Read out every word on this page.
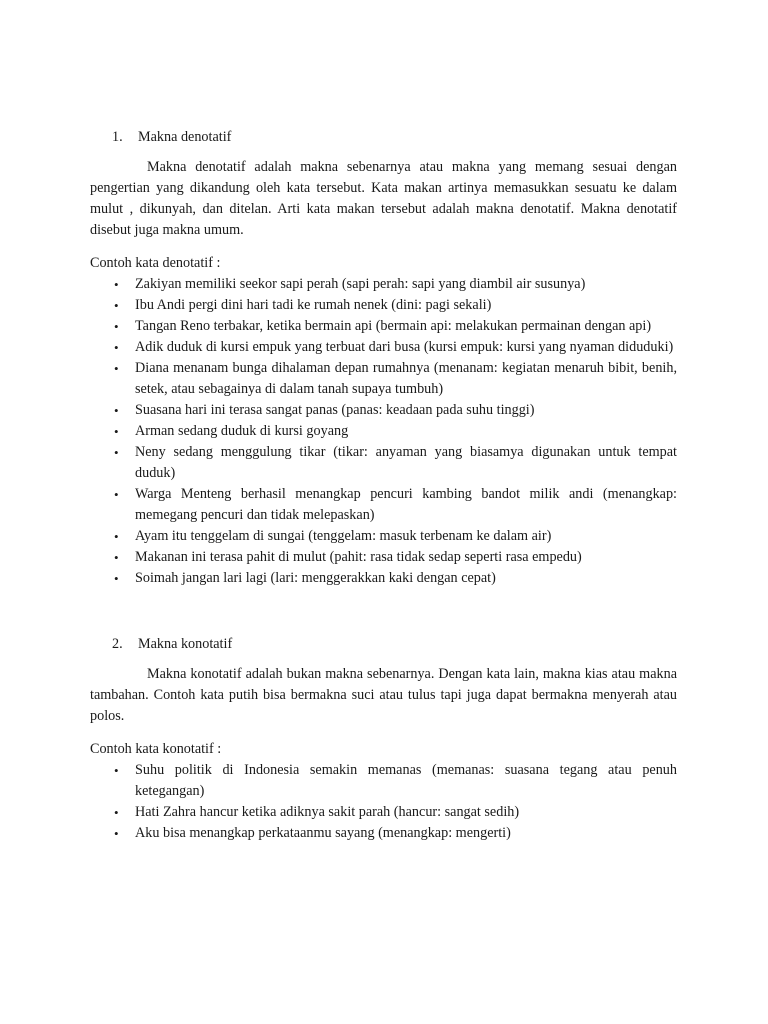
1. Makna denotatif

Makna denotatif adalah makna sebenarnya atau makna yang memang sesuai dengan pengertian yang dikandung oleh kata tersebut. Kata makan artinya memasukkan sesuatu ke dalam mulut , dikunyah, dan ditelan. Arti kata makan tersebut adalah makna denotatif. Makna denotatif disebut juga makna umum.

Contoh kata denotatif :

• Zakiyan memiliki seekor sapi perah (sapi perah: sapi yang diambil air susunya)
• Ibu Andi pergi dini hari tadi ke rumah nenek (dini: pagi sekali)
• Tangan Reno terbakar, ketika bermain api (bermain api: melakukan permainan dengan api)
• Adik duduk di kursi empuk yang terbuat dari busa (kursi empuk: kursi yang nyaman diduduki)
• Diana menanam bunga dihalaman depan rumahnya (menanam: kegiatan menaruh bibit, benih, setek, atau sebagainya di dalam tanah supaya tumbuh)
• Suasana hari ini terasa sangat panas (panas: keadaan pada suhu tinggi)
• Arman sedang duduk di kursi goyang
• Neny sedang menggulung tikar (tikar: anyaman yang biasamya digunakan untuk tempat duduk)
• Warga Menteng berhasil menangkap pencuri kambing bandot milik andi (menangkap: memegang pencuri dan tidak melepaskan)
• Ayam itu tenggelam di sungai (tenggelam: masuk terbenam ke dalam air)
• Makanan ini terasa pahit di mulut (pahit: rasa tidak sedap seperti rasa empedu)
• Soimah jangan lari lagi (lari: menggerakkan kaki dengan cepat)
2. Makna konotatif

Makna konotatif adalah bukan makna sebenarnya. Dengan kata lain, makna kias atau makna tambahan. Contoh kata putih bisa bermakna suci atau tulus tapi juga dapat bermakna menyerah atau polos.

Contoh kata konotatif :

• Suhu politik di Indonesia semakin memanas (memanas: suasana tegang atau penuh ketegangan)
• Hati Zahra hancur ketika adiknya sakit parah (hancur: sangat sedih)
• Aku bisa menangkap perkataanmu sayang (menangkap: mengerti)
